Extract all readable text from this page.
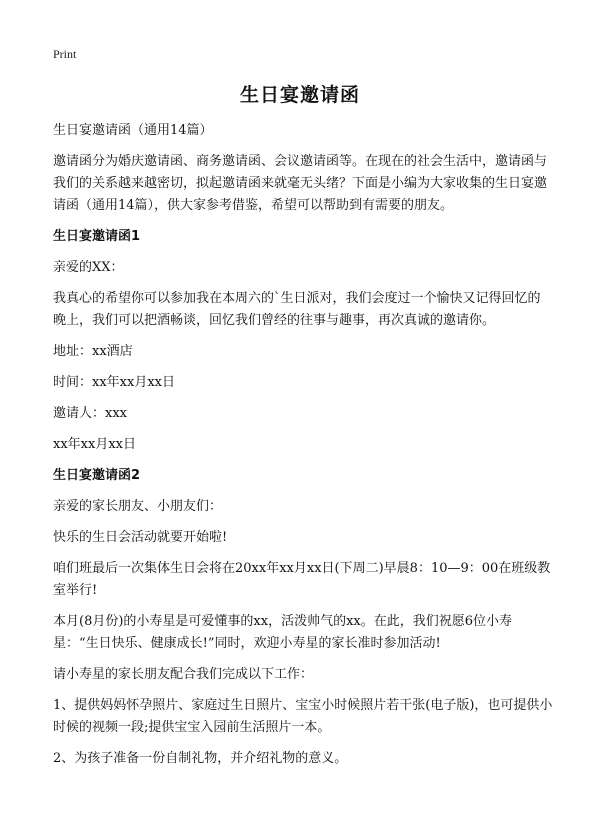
Print
生日宴邀请函

生日宴邀请函（通用14篇）

邀请函分为婚庆邀请函、商务邀请函、会议邀请函等。在现在的社会生活中，邀请函与我们的关系越来越密切，拟起邀请函来就毫无头绪？下面是小编为大家收集的生日宴邀请函（通用14篇），供大家参考借鉴，希望可以帮助到有需要的朋友。

生日宴邀请函1

亲爱的XX：

我真心的希望你可以参加我在本周六的`生日派对，我们会度过一个愉快又记得回忆的晚上，我们可以把酒畅谈，回忆我们曾经的往事与趣事，再次真诚的邀请你。

地址：xx酒店

时间：xx年xx月xx日

邀请人：xxx

xx年xx月xx日

生日宴邀请函2

亲爱的家长朋友、小朋友们：

快乐的生日会活动就要开始啦!

咱们班最后一次集体生日会将在20xx年xx月xx日(下周二)早晨8：10—9：00在班级教室举行!

本月(8月份)的小寿星是可爱懂事的xx，活泼帅气的xx。在此，我们祝愿6位小寿星：“生日快乐、健康成长!”同时，欢迎小寿星的家长准时参加活动!

请小寿星的家长朋友配合我们完成以下工作：

1、提供妈妈怀孕照片、家庭过生日照片、宝宝小时候照片若干张(电子版)，也可提供小时候的视频一段;提供宝宝入园前生活照片一本。

2、为孩子准备一份自制礼物，并介绍礼物的意义。
